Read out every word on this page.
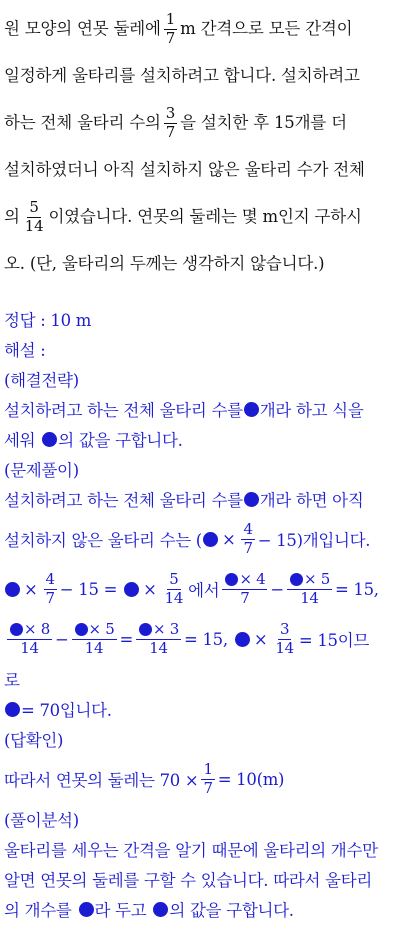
원 모양의 연못 둘레에 $\frac{1}{7}$ m 간격으로 모든 간격이
일정하게 울타리를 설치하려고 합니다. 설치하려고
하는 전체 울타리 수의 $\frac{3}{7}$ 을 설치한 후 15개를 더
설치하였더니 아직 설치하지 않은 울타리 수가 전체
의 $\frac{5}{14}$ 이였습니다. 연못의 둘레는 몇 m인지 구하시
오. (단, 울타리의 두께는 생각하지 않습니다.)
정답 : 10 m
해설 :
(해결전략)
설치하려고 하는 전체 울타리 수를 개라 하고 식을
세워 의 값을 구합니다.
(문제풀이)
설치하려고 하는 전체 울타리 수를 개라 하면 아직
설치하지 않은 울타리 수는 ( × $\frac{4}{7} - 15$)개입니다.
× $\frac{4}{7} - 15$ = × $\frac{5}{14}$ 에서 $\frac{\times 4}{7} - \frac{\times 5}{14} = 15$,
$\frac{\times 8}{14} - \frac{\times 5}{14} = \frac{\times 3}{14} = 15$, × $\frac{3}{14} = 15$이므
로
= 70입니다.
(답확인)
따라서 연못의 둘레는 $70 \times \frac{1}{7} = 10(m)$
(풀이분석)
울타리를 세우는 간격을 알기 때문에 울타리의 개수만
알면 연못의 둘레를 구할 수 있습니다. 따라서 울타리
의 개수를 라 두고 의 값을 구합니다.
